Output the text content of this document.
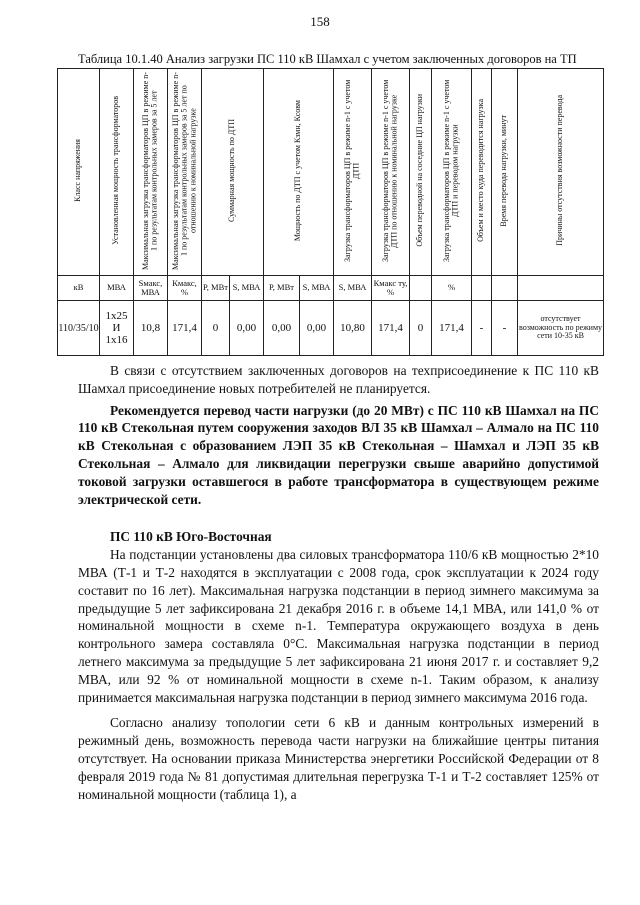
158
Таблица 10.1.40 Анализ загрузки ПС 110 кВ Шамхал с учетом заключенных договоров на ТП
Класс напряжения	Установленная мощность трансформаторов	Максимальная загрузка трансформаторов ЦП в режиме n-1 по результатам контрольных замеров за 5 лет	Максимальная загрузка трансформаторов ЦП в режиме n-1 по результатам контрольных замеров за 5 лет по отношению к номинальной нагрузке	Суммарная мощность по ДТП		Мощность по ДТП с учетом Кзмн, Ксовм		Загрузка трансформаторов ЦП в режиме n-1 с учетом ДТП	Загрузка трансформаторов ЦП в режиме n-1 с учетом ДТП по отношению к номинальной нагрузке	Объем переводной на соседние ЦП нагрузки	Загрузка трансформаторов ЦП в режиме n-1 с учетом ДТП и переводом нагрузки	Объем и место куда переводится нагрузка	Время перевода нагрузки, минут	Причины отсутствия возможности перевода
кВ	МВА	Sмакс, МВА	Кмакс, %	P, МВт	S, МВА	P, МВт	S, МВА	S, МВА	Кмакс ту, %		%			
110/35/10	1x25
И
1x16	10,8	171,4	0	0,00	0,00	0,00	10,80	171,4	0	171,4	-	-	отсутствует возможность по режиму сети 10-35 кВ

В связи с отсутствием заключенных договоров на техприсоединение к ПС 110 кВ Шамхал присоединение новых потребителей не планируется.

Рекомендуется перевод части нагрузки (до 20 МВт) с ПС 110 кВ Шамхал на ПС 110 кВ Стекольная путем сооружения заходов ВЛ 35 кВ Шамхал – Алмало на ПС 110 кВ Стекольная с образованием ЛЭП 35 кВ Стекольная – Шамхал и ЛЭП 35 кВ Стекольная – Алмало для ликвидации перегрузки свыше аварийно допустимой токовой загрузки оставшегося в работе трансформатора в существующем режиме электрической сети.

ПС 110 кВ Юго-Восточная

На подстанции установлены два силовых трансформатора 110/6 кВ мощностью 2*10 МВА (Т-1 и Т-2 находятся в эксплуатации с 2008 года, срок эксплуатации к 2024 году составит по 16 лет). Максимальная нагрузка подстанции в период зимнего максимума за предыдущие 5 лет зафиксирована 21 декабря 2016 г. в объеме 14,1 МВА, или 141,0 % от номинальной мощности в схеме n-1. Температура окружающего воздуха в день контрольного замера составляла 0°С. Максимальная нагрузка подстанции в период летнего максимума за предыдущие 5 лет зафиксирована 21 июня 2017 г. и составляет 9,2 МВА, или 92 % от номинальной мощности в схеме n-1. Таким образом, к анализу принимается максимальная нагрузка подстанции в период зимнего максимума 2016 года.

Согласно анализу топологии сети 6 кВ и данным контрольных измерений в режимный день, возможность перевода части нагрузки на ближайшие центры питания отсутствует. На основании приказа Министерства энергетики Российской Федерации от 8 февраля 2019 года № 81 допустимая длительная перегрузка Т-1 и Т-2 составляет 125% от номинальной мощности (таблица 1), а
